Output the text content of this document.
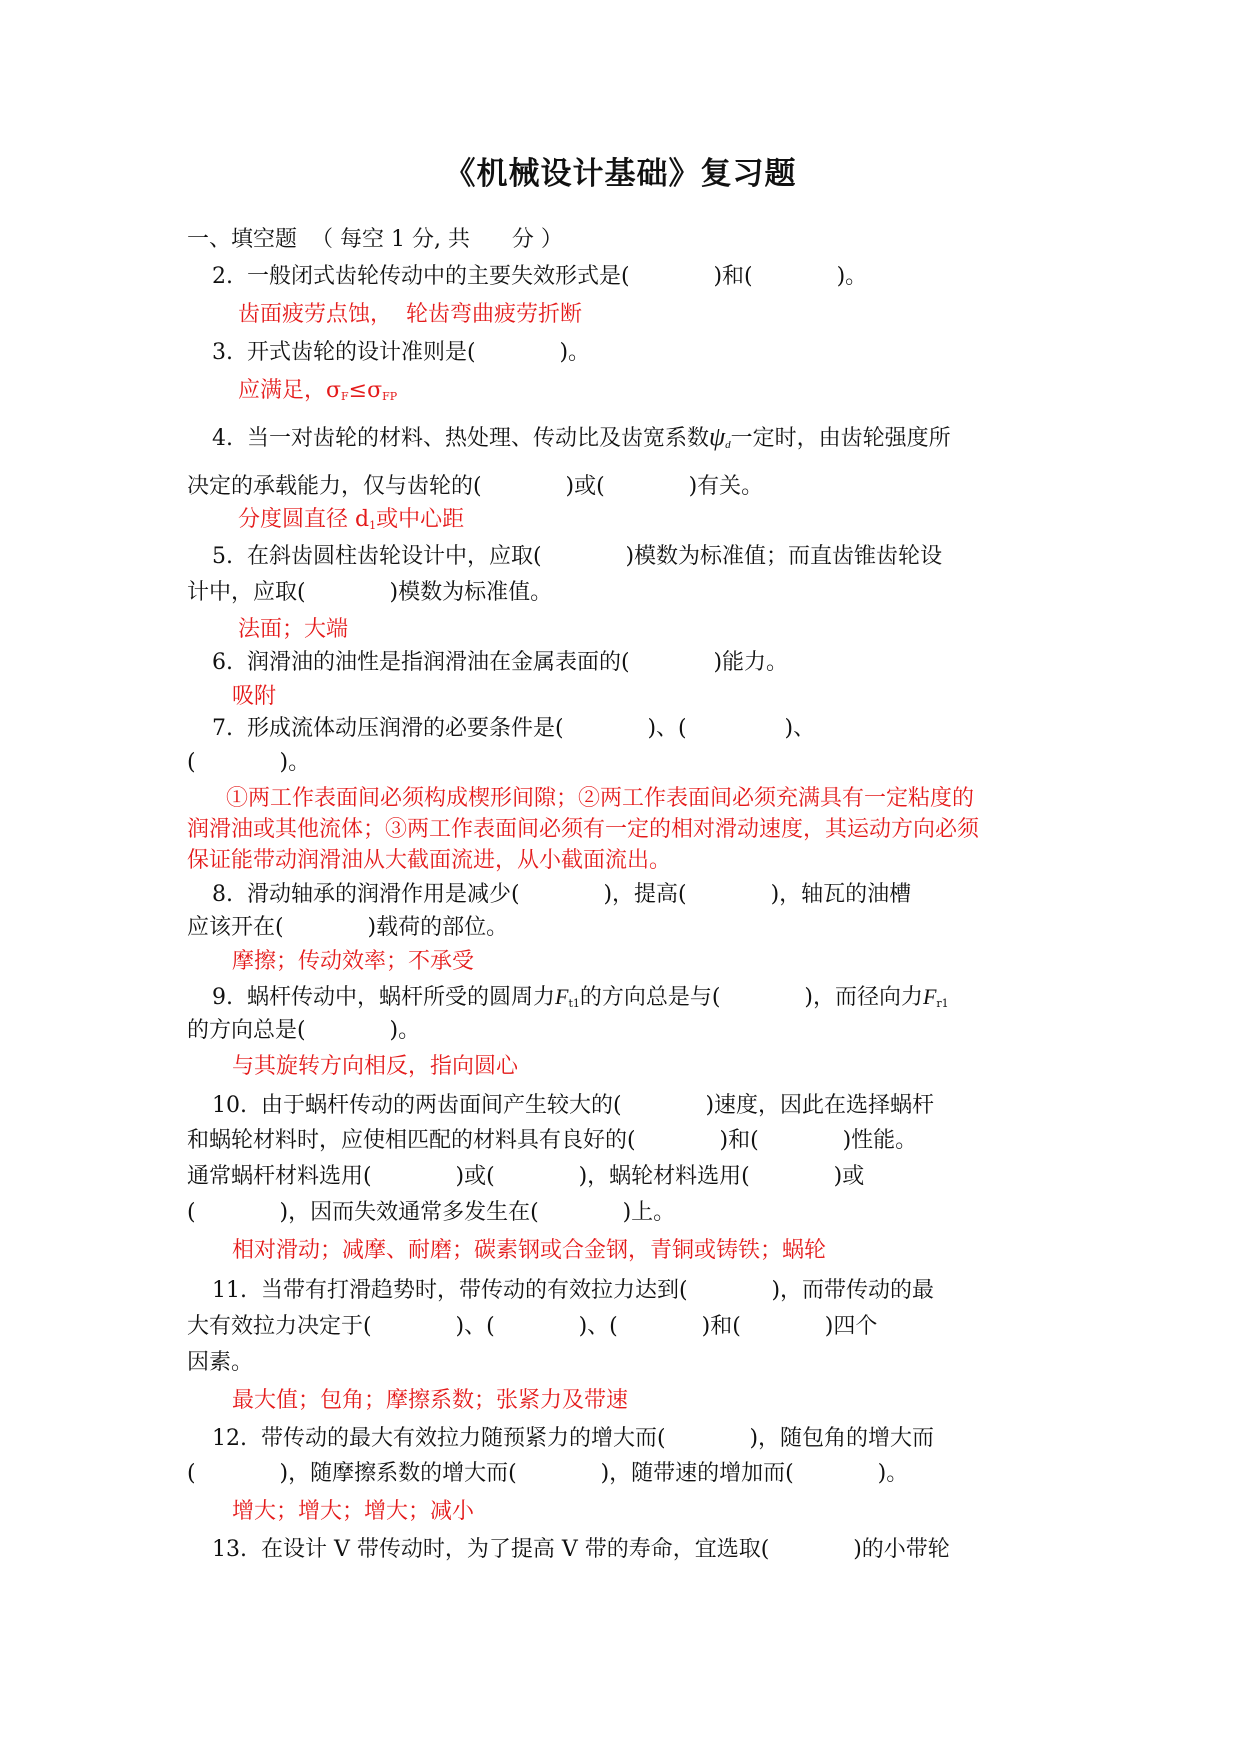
《机械设计基础》复习题
一、填空题  （ 每空 1 分, 共      分 ）
2.  一般闭式齿轮传动中的主要失效形式是(            )和(            )。
齿面疲劳点蚀，  轮齿弯曲疲劳折断
3.  开式齿轮的设计准则是(            )。
应满足，$\sigma_F\le\sigma_{FP}$
4.  当一对齿轮的材料、热处理、传动比及齿宽系数$\psi_d$一定时，由齿轮强度所
决定的承载能力，仅与齿轮的(            )或(            )有关。
分度圆直径 $d_1$或中心距
5.  在斜齿圆柱齿轮设计中，应取(            )模数为标准值；而直齿锥齿轮设
计中，应取(            )模数为标准值。
法面；大端
6.  润滑油的油性是指润滑油在金属表面的(            )能力。
吸附
7.  形成流体动压润滑的必要条件是(            )、(              )、
(            )。
①两工作表面间必须构成楔形间隙；②两工作表面间必须充满具有一定粘度的
润滑油或其他流体；③两工作表面间必须有一定的相对滑动速度，其运动方向必须
保证能带动润滑油从大截面流进，从小截面流出。
8.  滑动轴承的润滑作用是减少(            )，提高(            )，轴瓦的油槽
应该开在(            )载荷的部位。
摩擦；传动效率；不承受
9.  蜗杆传动中，蜗杆所受的圆周力$F_{t1}$的方向总是与(            )，而径向力$F_{r1}$
的方向总是(            )。
与其旋转方向相反，指向圆心
10.  由于蜗杆传动的两齿面间产生较大的(            )速度，因此在选择蜗杆
和蜗轮材料时，应使相匹配的材料具有良好的(            )和(            )性能。
通常蜗杆材料选用(            )或(            )，蜗轮材料选用(            )或
(            )，因而失效通常多发生在(            )上。
相对滑动；减摩、耐磨；碳素钢或合金钢，青铜或铸铁；蜗轮
11.  当带有打滑趋势时，带传动的有效拉力达到(            )，而带传动的最
大有效拉力决定于(            )、(            )、(            )和(            )四个
因素。
最大值；包角；摩擦系数；张紧力及带速
12.  带传动的最大有效拉力随预紧力的增大而(            )，随包角的增大而
(            )，随摩擦系数的增大而(            )，随带速的增加而(            )。
增大；增大；增大；减小
13.  在设计 V 带传动时，为了提高 V 带的寿命，宜选取(            )的小带轮
